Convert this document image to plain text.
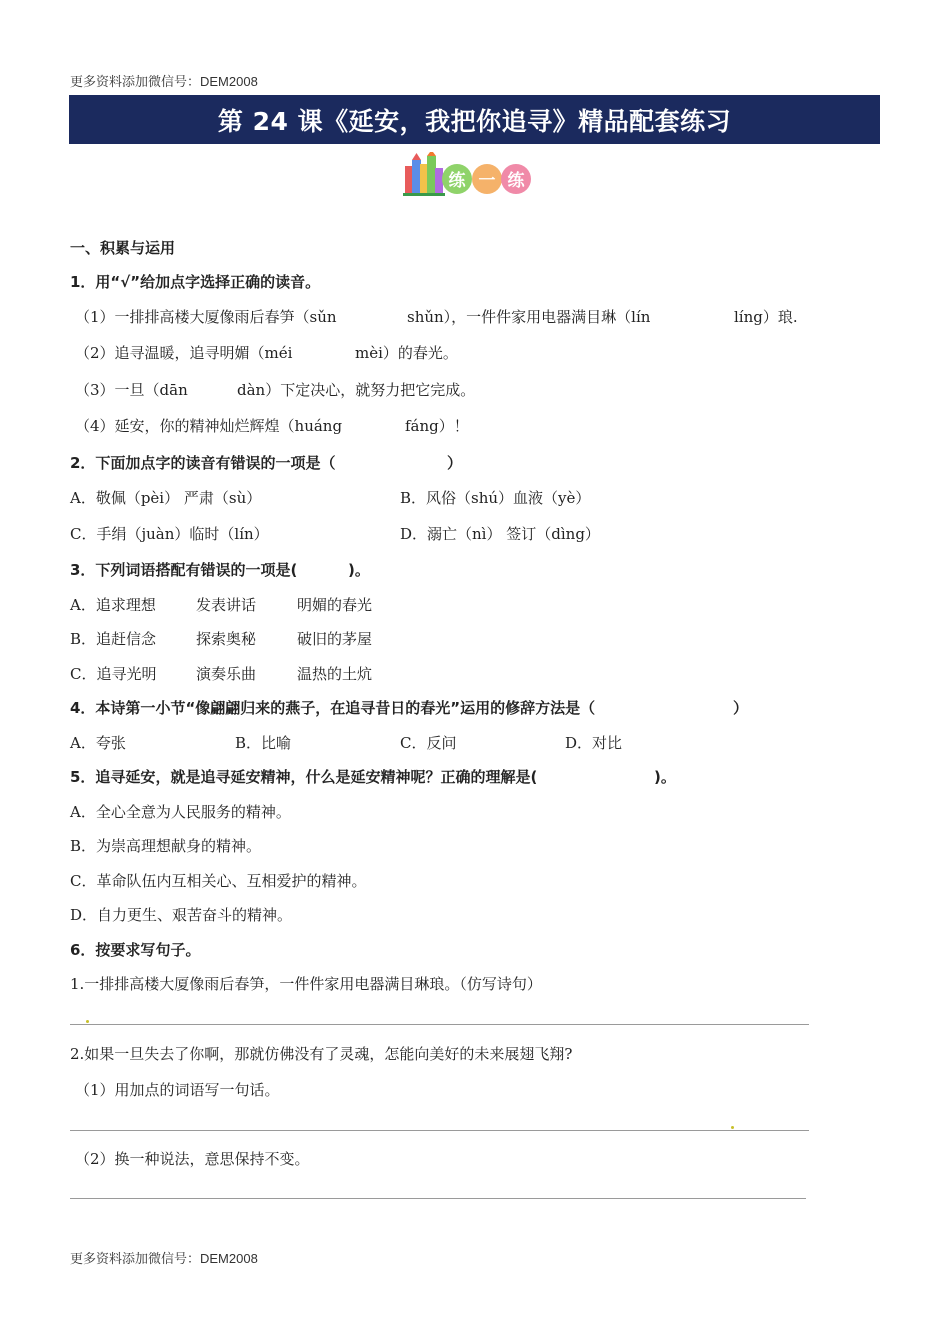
更多资料添加微信号：DEM2008
第 24 课《延安，我把你追寻》精品配套练习
练 一 练
一、积累与运用
1．用“√”给加点字选择正确的读音。
（1）一排排高楼大厦像雨后春笋（sǔn	shǔn），一件件家用电器满目琳（lín	líng）琅.
（2）追寻温暖，追寻明媚（méi	mèi）的春光。
（3）一旦（dān	dàn）下定决心，就努力把它完成。
（4）延安，你的精神灿烂辉煌（huáng	fáng）！
2．下面加点字的读音有错误的一项是（	）
A．敬佩（pèi） 严肃（sù）	B．风俗（shú）血液（yè）
C．手绢（juàn）临时（lín）	D．溺亡（nì） 签订（dìng）
3．下列词语搭配有错误的一项是(	)。
A．追求理想	发表讲话	明媚的春光
B．追赶信念	探索奥秘	破旧的茅屋
C．追寻光明	演奏乐曲	温热的土炕
4．本诗第一小节“像翩翩归来的燕子，在追寻昔日的春光”运用的修辞方法是（	）
A．夸张	B．比喻	C．反问	D．对比
5．追寻延安，就是追寻延安精神，什么是延安精神呢？正确的理解是(	)。
A．全心全意为人民服务的精神。
B．为崇高理想献身的精神。
C．革命队伍内互相关心、互相爱护的精神。
D．自力更生、艰苦奋斗的精神。
6．按要求写句子。
1.一排排高楼大厦像雨后春笋，一件件家用电器满目琳琅。（仿写诗句）
2.如果一旦失去了你啊，那就仿佛没有了灵魂，怎能向美好的未来展翅飞翔?
（1）用加点的词语写一句话。
（2）换一种说法，意思保持不变。
更多资料添加微信号：DEM2008
